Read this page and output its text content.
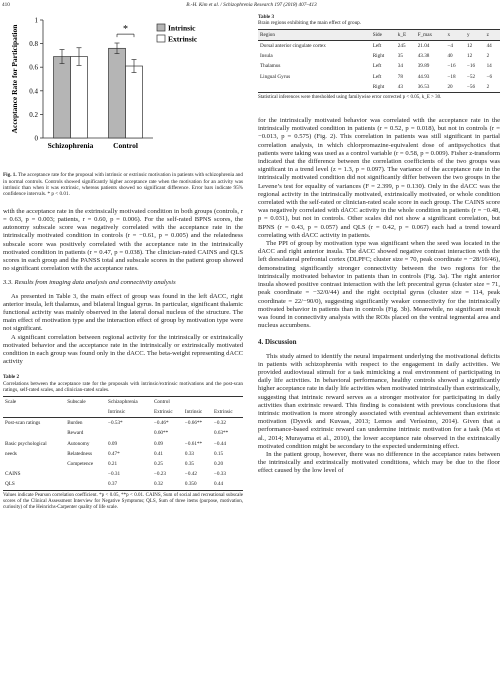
410	B.-H. Kim et al. / Schizophrenia Research 197 (2018) 407–413
0
0.2
0.4
0.6
0.8
1
Acceptance Rate for Participation
Schizophrenia	Control
*	Intrinsic
Extrinsic
Fig. 1. The acceptance rate for the proposal with intrinsic or extrinsic motivation in patients with schizophrenia and in normal controls. Controls showed significantly higher acceptance rate when the motivation for an activity was intrinsic than when it was extrinsic, whereas patients showed no significant difference. Error bars indicate 95% confidence intervals. * p < 0.01.

with the acceptance rate in the extrinsically motivated condition in both groups (controls, r = 0.63, p = 0.003; patients, r = 0.60, p = 0.006). For the self-rated BPNS scores, the autonomy subscale score was negatively correlated with the acceptance rate in the intrinsically motivated condition in controls (r = −0.61, p = 0.005) and the relatedness subscale score was positively correlated with the acceptance rate in the intrinsically motivated condition in patients (r = 0.47, p = 0.038). The clinician-rated CAINS and QLS scores in each group and the PANSS total and subscale scores in the patient group showed no significant correlation with the acceptance rates.

3.3. Results from imaging data analysis and connectivity analysis

As presented in Table 3, the main effect of group was found in the left dACC, right anterior insula, left thalamus, and bilateral lingual gyrus. In particular, significant thalamic functional activity was mainly observed in the lateral dorsal nucleus of the structure. The main effect of motivation type and the interaction effect of group by motivation type were not significant.

A significant correlation between regional activity for the intrinsically or extrinsically motivated behavior and the acceptance rate in the intrinsically or extrinsically motivated condition in each group was found only in the dACC. The beta-weight representing dACC activity

Table 2
Correlations between the acceptance rate for the proposals with intrinsic/extrinsic motivations and the post-scan ratings, self-rated scales, and clinician-rated scales.
Scale	Subscale	Schizophrenia		Control		
		Intrinsic		Extrinsic	Intrinsic	Extrinsic
Post-scan ratings	Burden	−0.53*		−0.46*	−0.66**	−0.32
	Reward			0.60**		0.63**
Basic psychological	Autonomy	0.09		0.09	−0.61**	−0.44
needs	Relatedness	0.47*		0.41	0.33	0.15
	Competence	0.21		0.25	0.35	0.20
CAINS		−0.31		−0.23	−0.42	−0.33
QLS		0.37		0.32	0.350	0.44
Values indicate Pearson correlation coefficient. *p < 0.05, **p < 0.01. CAINS, Sum of social and recreational subscale scores of the Clinical Assessment Interview for Negative Symptoms; QLS, Sum of three items (purpose, motivation, curiosity) of the Heinrichs-Carpenter quality of life scale.
Table 3
Brain regions exhibiting the main effect of group.
Region	Side	k_E	F_max	x	y	z
Dorsal anterior cingulate cortex	Left	245	21.04	−4	12	44
Insula	Right	35	43.38	40	12	2
Thalamus	Left	34	39.89	−16	−16	14
Lingual Gyrus	Left	78	44.93	−18	−52	−6
	Right	43	36.53	20	−56	2
Statistical inferences were thresholded using familywise error corrected p < 0.05, k_E > 30.

for the intrinsically motivated behavior was correlated with the acceptance rate in the intrinsically motivated condition in patients (r = 0.52, p = 0.018), but not in controls (r = −0.013, p = 0.575) (Fig. 2). This correlation in patients was still significant in partial correlation analysis, in which chlorpromazine-equivalent dose of antipsychotics that patients were taking was used as a control variable (r = 0.58, p = 0.009). Fisher z-transform indicated that the difference between the correlation coefficients of the two groups was significant in a trend level (z = 1.3, p = 0.097). The variance of the acceptance rate in the intrinsically motivated condition did not significantly differ between the two groups in the Levene’s test for equality of variances (F = 2.399, p = 0.130). Only in the dACC was the regional activity in the intrinsically motivated, extrinsically motivated, or whole condition correlated with the self-rated or clinician-rated scale score in each group. The CAINS score was negatively correlated with dACC activity in the whole condition in patients (r = −0.48, p = 0.031), but not in controls. Other scales did not show a significant correlation, but BPNS (r = 0.43, p = 0.057) and QLS (r = 0.42, p = 0.067) each had a trend toward correlating with dACC activity in patients.

The PPI of group by motivation type was significant when the seed was located in the dACC and right anterior insula. The dACC showed negative contrast interaction with the left dorsolateral prefrontal cortex (DLPFC; cluster size = 70, peak coordinate = −28/16/46), demonstrating significantly stronger connectivity between the two regions for the intrinsically motivated behavior in patients than in controls (Fig. 3a). The right anterior insula showed positive contrast interaction with the left precentral gyrus (cluster size = 71, peak coordinate = −32/0/44) and the right occipital gyrus (cluster size = 114, peak coordinate = 22/−90/0), suggesting significantly weaker connectivity for the intrinsically motivated behavior in patients than in controls (Fig. 3b). Meanwhile, no significant result was found in connectivity analysis with the ROIs placed on the ventral tegmental area and nucleus accumbens.

4. Discussion

This study aimed to identify the neural impairment underlying the motivational deficits in patients with schizophrenia with respect to the engagement in daily activities. We provided audiovisual stimuli for a task mimicking a real environment of participating in daily life activities. In behavioral performance, healthy controls showed a significantly higher acceptance rate in daily life activities when motivated intrinsically than extrinsically, suggesting that intrinsic reward serves as a stronger motivator for participating in daily activities than extrinsic reward. This finding is consistent with previous conclusions that intrinsic motivation is more strongly associated with eventual achievement than extrinsic motivation (Dysvik and Kuvaas, 2013; Lemos and Veríssimo, 2014). Given that a performance-based extrinsic reward can undermine intrinsic motivation for a task (Ma et al., 2014; Murayama et al., 2010), the lower acceptance rate observed in the extrinsically motivated condition might be secondary to the expected undermining effect.

In the patient group, however, there was no difference in the acceptance rates between the intrinsically and extrinsically motivated conditions, which may be due to the floor effect caused by the low level of
